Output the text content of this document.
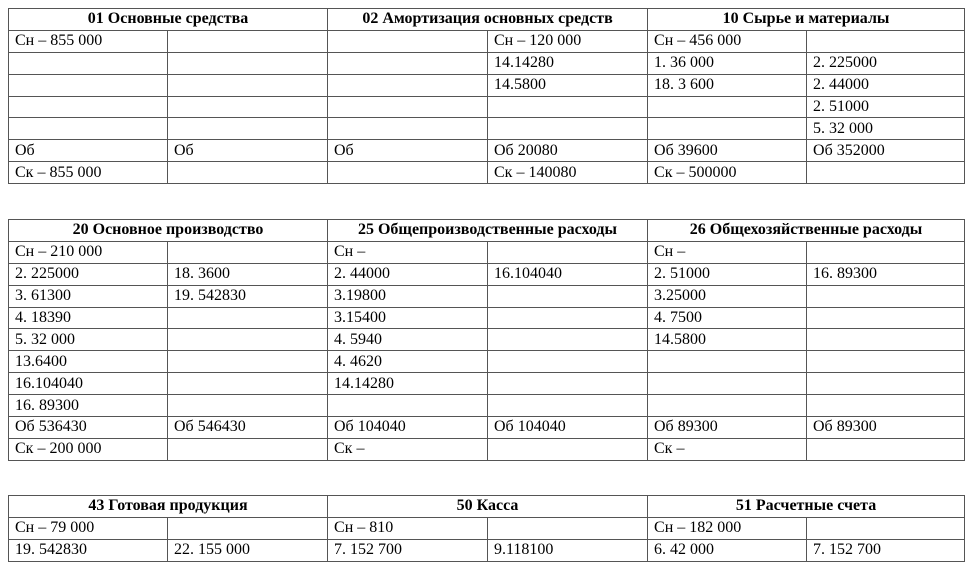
01 Основные средства		02 Амортизация основных средств		10 Сырье и материалы	
Сн – 855 000			Сн – 120 000	Сн – 456 000	
			14.14280	1. 36 000	2. 225000
			14.5800	18. 3 600	2. 44000
					2. 51000
					5. 32 000
Об	Об	Об	Об 20080	Об 39600	Об 352000
Ск – 855 000			Ск – 140080	Ск – 500000	
20 Основное производство		25 Общепроизводственные расходы		26 Общехозяйственные расходы	
Сн – 210 000		Сн –		Сн –	
2. 225000	18. 3600	2. 44000	16.104040	2. 51000	16. 89300
3. 61300	19. 542830	3.19800		3.25000	
4. 18390		3.15400		4. 7500	
5. 32 000		4. 5940		14.5800	
13.6400		4. 4620			
16.104040		14.14280			
16. 89300					
Об 536430	Об 546430	Об 104040	Об 104040	Об 89300	Об 89300
Ск – 200 000		Ск –		Ск –	
43 Готовая продукция		50 Касса		51 Расчетные счета	
Сн – 79 000		Сн – 810		Сн – 182 000	
19. 542830	22. 155 000	7. 152 700	9.118100	6. 42 000	7. 152 700
